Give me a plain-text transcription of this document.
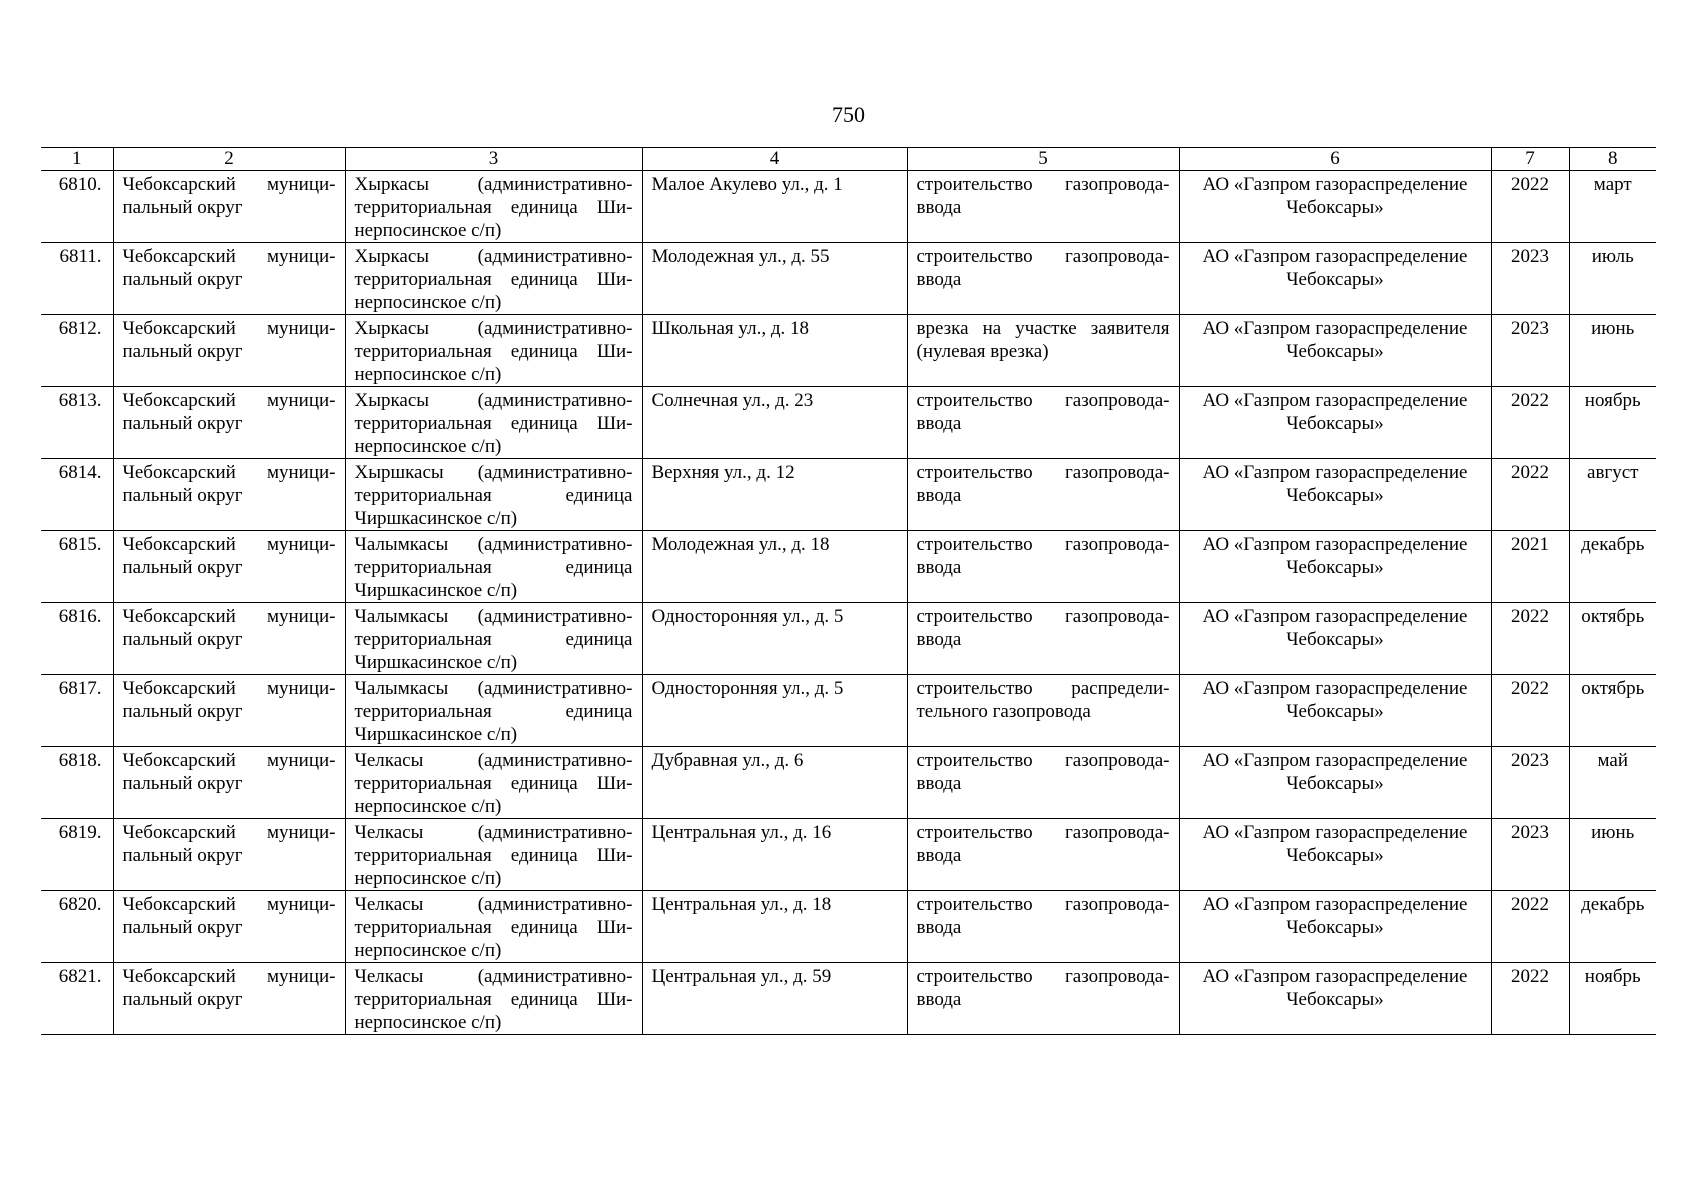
750
1	2	3	4	5	6	7	8
6810.	Чебоксарский муници-пальный округ	Хыркасы (административно-территориальная единица Ши-нерпосинское с/п)	Малое Акулево ул., д. 1	строительство газопровода-ввода	АО «Газпром газораспределение Чебоксары»	2022	март
6811.	Чебоксарский муници-пальный округ	Хыркасы (административно-территориальная единица Ши-нерпосинское с/п)	Молодежная ул., д. 55	строительство газопровода-ввода	АО «Газпром газораспределение Чебоксары»	2023	июль
6812.	Чебоксарский муници-пальный округ	Хыркасы (административно-территориальная единица Ши-нерпосинское с/п)	Школьная ул., д. 18	врезка на участке заявителя (нулевая врезка)	АО «Газпром газораспределение Чебоксары»	2023	июнь
6813.	Чебоксарский муници-пальный округ	Хыркасы (административно-территориальная единица Ши-нерпосинское с/п)	Солнечная ул., д. 23	строительство газопровода-ввода	АО «Газпром газораспределение Чебоксары»	2022	ноябрь
6814.	Чебоксарский муници-пальный округ	Хыршкасы (административно-территориальная единица Чиршкасинское с/п)	Верхняя ул., д. 12	строительство газопровода-ввода	АО «Газпром газораспределение Чебоксары»	2022	август
6815.	Чебоксарский муници-пальный округ	Чалымкасы (административно-территориальная единица Чиршкасинское с/п)	Молодежная ул., д. 18	строительство газопровода-ввода	АО «Газпром газораспределение Чебоксары»	2021	декабрь
6816.	Чебоксарский муници-пальный округ	Чалымкасы (административно-территориальная единица Чиршкасинское с/п)	Односторонняя ул., д. 5	строительство газопровода-ввода	АО «Газпром газораспределение Чебоксары»	2022	октябрь
6817.	Чебоксарский муници-пальный округ	Чалымкасы (административно-территориальная единица Чиршкасинское с/п)	Односторонняя ул., д. 5	строительство распредели-тельного газопровода	АО «Газпром газораспределение Чебоксары»	2022	октябрь
6818.	Чебоксарский муници-пальный округ	Челкасы (административно-территориальная единица Ши-нерпосинское с/п)	Дубравная ул., д. 6	строительство газопровода-ввода	АО «Газпром газораспределение Чебоксары»	2023	май
6819.	Чебоксарский муници-пальный округ	Челкасы (административно-территориальная единица Ши-нерпосинское с/п)	Центральная ул., д. 16	строительство газопровода-ввода	АО «Газпром газораспределение Чебоксары»	2023	июнь
6820.	Чебоксарский муници-пальный округ	Челкасы (административно-территориальная единица Ши-нерпосинское с/п)	Центральная ул., д. 18	строительство газопровода-ввода	АО «Газпром газораспределение Чебоксары»	2022	декабрь
6821.	Чебоксарский муници-пальный округ	Челкасы (административно-территориальная единица Ши-нерпосинское с/п)	Центральная ул., д. 59	строительство газопровода-ввода	АО «Газпром газораспределение Чебоксары»	2022	ноябрь
